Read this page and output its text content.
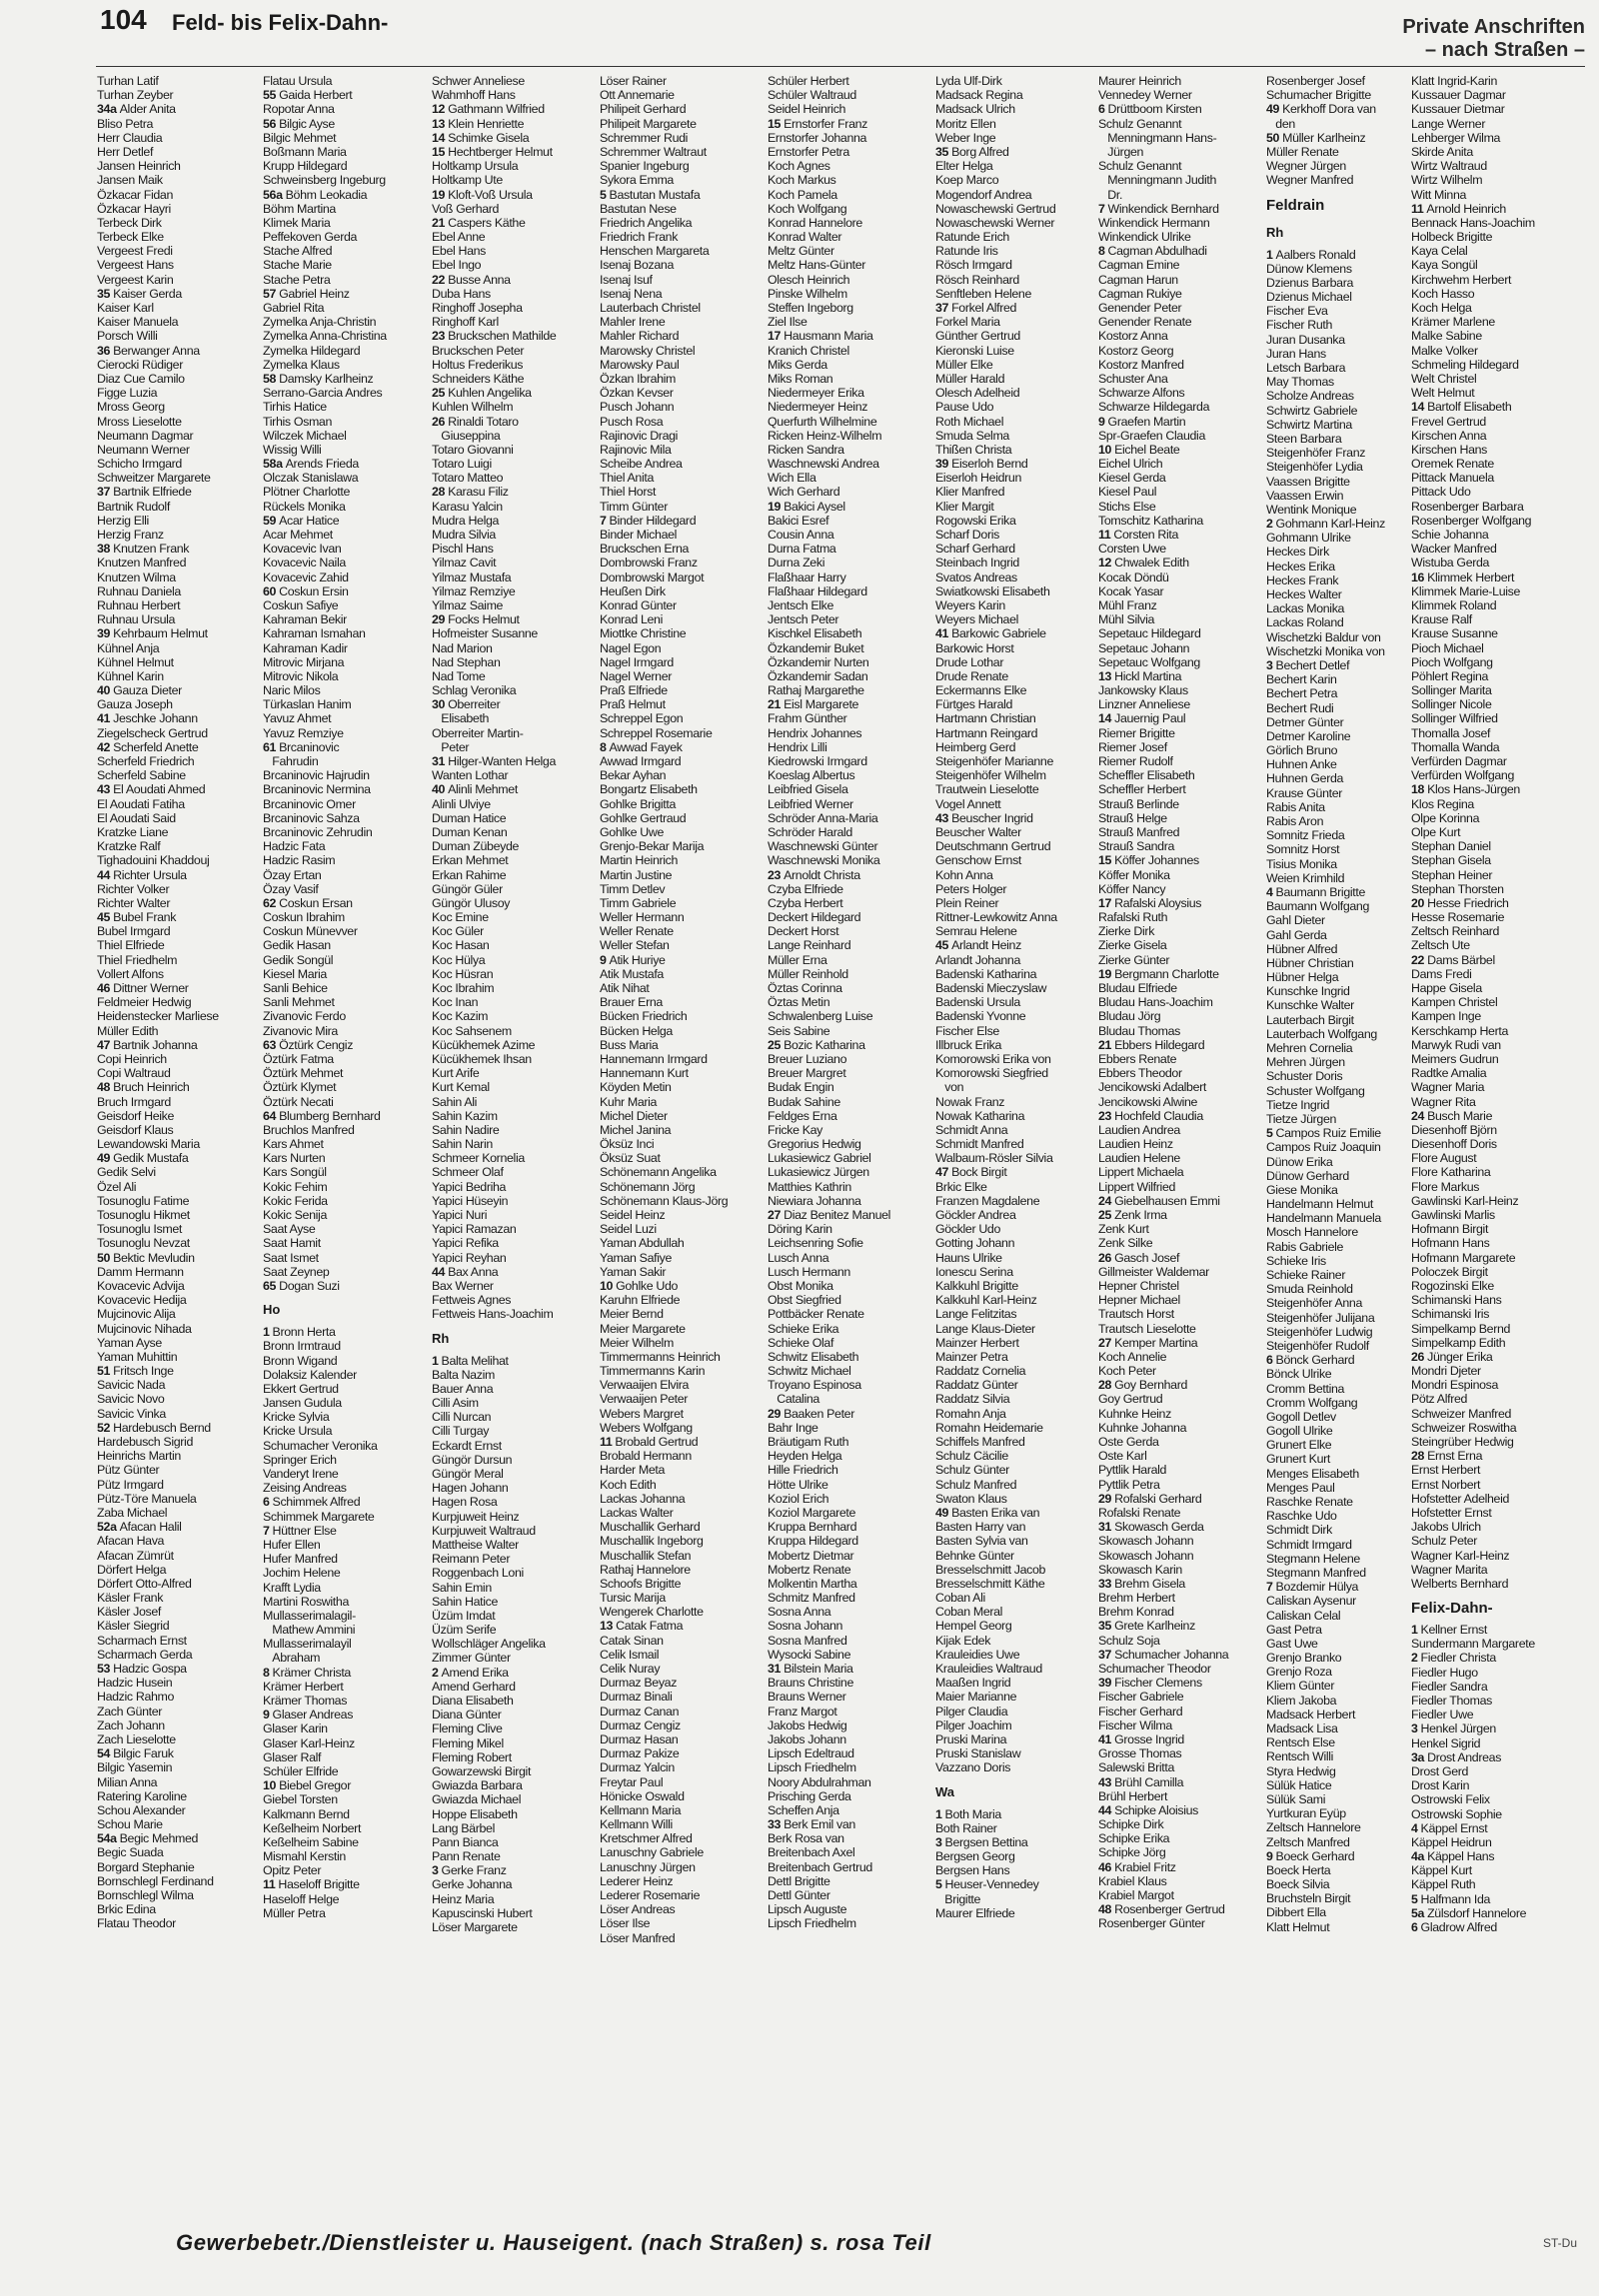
104 Feld- bis Felix-Dahn-	Private Anschriften
– nach Straßen –
Turhan Latif
Turhan Zeyber
34a Alder Anita
Bliso Petra
Herr Claudia
Herr Detlef
Jansen Heinrich
Jansen Maik
Özkacar Fidan
Özkacar Hayri
Terbeck Dirk
Terbeck Elke
Vergeest Fredi
Vergeest Hans
Vergeest Karin
35 Kaiser Gerda
Kaiser Karl
Kaiser Manuela
Porsch Willi
36 Berwanger Anna
Cierocki Rüdiger
Diaz Cue Camilo
Figge Luzia
Mross Georg
Mross Lieselotte
Neumann Dagmar
Neumann Werner
Schicho Irmgard
Schweitzer Margarete
37 Bartnik Elfriede
Bartnik Rudolf
Herzig Elli
Herzig Franz
38 Knutzen Frank
Knutzen Manfred
Knutzen Wilma
Ruhnau Daniela
Ruhnau Herbert
Ruhnau Ursula
39 Kehrbaum Helmut
Kühnel Anja
Kühnel Helmut
Kühnel Karin
40 Gauza Dieter
Gauza Joseph
41 Jeschke Johann
Ziegelscheck Gertrud
42 Scherfeld Anette
Scherfeld Friedrich
Scherfeld Sabine
43 El Aoudati Ahmed
El Aoudati Fatiha
El Aoudati Said
Kratzke Liane
Kratzke Ralf
Tighadouini Khaddouj
44 Richter Ursula
Richter Volker
Richter Walter
45 Bubel Frank
Bubel Irmgard
Thiel Elfriede
Thiel Friedhelm
Vollert Alfons
46 Dittner Werner
Feldmeier Hedwig
Heidenstecker Marliese
Müller Edith
47 Bartnik Johanna
Copi Heinrich
Copi Waltraud
48 Bruch Heinrich
Bruch Irmgard
Geisdorf Heike
Geisdorf Klaus
Lewandowski Maria
49 Gedik Mustafa
Gedik Selvi
Özel Ali
Tosunoglu Fatime
Tosunoglu Hikmet
Tosunoglu Ismet
Tosunoglu Nevzat
50 Bektic Mevludin
Damm Hermann
Kovacevic Advija
Kovacevic Hedija
Mujcinovic Alija
Mujcinovic Nihada
Yaman Ayse
Yaman Muhittin
51 Fritsch Inge
Savicic Nada
Savicic Novo
Savicic Vinka
52 Hardebusch Bernd
Hardebusch Sigrid
Heinrichs Martin
Pütz Günter
Pütz Irmgard
Pütz-Töre Manuela
Zaba Michael
52a Afacan Halil
Afacan Hava
Afacan Zümrüt
Dörfert Helga
Dörfert Otto-Alfred
Käsler Frank
Käsler Josef
Käsler Siegrid
Scharmach Ernst
Scharmach Gerda
53 Hadzic Gospa
Hadzic Husein
Hadzic Rahmo
Zach Günter
Zach Johann
Zach Lieselotte
54 Bilgic Faruk
Bilgic Yasemin
Milian Anna
Ratering Karoline
Schou Alexander
Schou Marie
54a Begic Mehmed
Begic Suada
Borgard Stephanie
Bornschlegl Ferdinand
Bornschlegl Wilma
Brkic Edina
Flatau Theodor
Flatau Ursula
55 Gaida Herbert
Ropotar Anna
56 Bilgic Ayse
Bilgic Mehmet
Boßmann Maria
Krupp Hildegard
Schweinsberg Ingeburg
56a Böhm Leokadia
Böhm Martina
Klimek Maria
Peffekoven Gerda
Stache Alfred
Stache Marie
Stache Petra
57 Gabriel Heinz
Gabriel Rita
Zymelka Anja-Christin
Zymelka Anna-Christina
Zymelka Hildegard
Zymelka Klaus
58 Damsky Karlheinz
Serrano-Garcia Andres
Tirhis Hatice
Tirhis Osman
Wilczek Michael
Wissig Willi
58a Arends Frieda
Olczak Stanislawa
Plötner Charlotte
Rückels Monika
59 Acar Hatice
Acar Mehmet
Kovacevic Ivan
Kovacevic Naila
Kovacevic Zahid
60 Coskun Ersin
Coskun Safiye
Kahraman Bekir
Kahraman Ismahan
Kahraman Kadir
Mitrovic Mirjana
Mitrovic Nikola
Naric Milos
Türkaslan Hanim
Yavuz Ahmet
Yavuz Remziye
61 Brcaninovic
Fahrudin
Brcaninovic Hajrudin
Brcaninovic Nermina
Brcaninovic Omer
Brcaninovic Sahza
Brcaninovic Zehrudin
Hadzic Fata
Hadzic Rasim
Özay Ertan
Özay Vasif
62 Coskun Ersan
Coskun Ibrahim
Coskun Münevver
Gedik Hasan
Gedik Songül
Kiesel Maria
Sanli Behice
Sanli Mehmet
Zivanovic Ferdo
Zivanovic Mira
63 Öztürk Cengiz
Öztürk Fatma
Öztürk Mehmet
Öztürk Klymet
Öztürk Necati
64 Blumberg Bernhard
Bruchlos Manfred
Kars Ahmet
Kars Nurten
Kars Songül
Kokic Fehim
Kokic Ferida
Kokic Senija
Saat Ayse
Saat Hamit
Saat Ismet
Saat Zeynep
65 Dogan Suzi
Ho
1 Bronn Herta
Bronn Irmtraud
Bronn Wigand
Dolaksiz Kalender
Ekkert Gertrud
Jansen Gudula
Kricke Sylvia
Kricke Ursula
Schumacher Veronika
Springer Erich
Vanderyt Irene
Zeising Andreas
6 Schimmek Alfred
Schimmek Margarete
7 Hüttner Else
Hufer Ellen
Hufer Manfred
Jochim Helene
Krafft Lydia
Martini Roswitha
Mullasserimalagil-
Mathew Ammini
Mullasserimalayil
Abraham
8 Krämer Christa
Krämer Herbert
Krämer Thomas
9 Glaser Andreas
Glaser Karin
Glaser Karl-Heinz
Glaser Ralf
Schüler Elfride
10 Biebel Gregor
Giebel Torsten
Kalkmann Bernd
Keßelheim Norbert
Keßelheim Sabine
Mismahl Kerstin
Opitz Peter
11 Haseloff Brigitte
Haseloff Helge
Müller Petra
Schwer Anneliese
Wahmhoff Hans
12 Gathmann Wilfried
13 Klein Henriette
14 Schimke Gisela
15 Hechtberger Helmut
Holtkamp Ursula
Holtkamp Ute
19 Kloft-Voß Ursula
Voß Gerhard
21 Caspers Käthe
Ebel Anne
Ebel Hans
Ebel Ingo
22 Busse Anna
Duba Hans
Ringhoff Josepha
Ringhoff Karl
23 Bruckschen Mathilde
Bruckschen Peter
Holtus Frederikus
Schneiders Käthe
25 Kuhlen Angelika
Kuhlen Wilhelm
26 Rinaldi Totaro
Giuseppina
Totaro Giovanni
Totaro Luigi
Totaro Matteo
28 Karasu Filiz
Karasu Yalcin
Mudra Helga
Mudra Silvia
Pischl Hans
Yilmaz Cavit
Yilmaz Mustafa
Yilmaz Remziye
Yilmaz Saime
29 Focks Helmut
Hofmeister Susanne
Nad Marion
Nad Stephan
Nad Tome
Schlag Veronika
30 Oberreiter
Elisabeth
Oberreiter Martin-
Peter
31 Hilger-Wanten Helga
Wanten Lothar
40 Alinli Mehmet
Alinli Ulviye
Duman Hatice
Duman Kenan
Duman Zübeyde
Erkan Mehmet
Erkan Rahime
Güngör Güler
Güngör Ulusoy
Koc Emine
Koc Güler
Koc Hasan
Koc Hülya
Koc Hüsran
Koc Ibrahim
Koc Inan
Koc Kazim
Koc Sahsenem
Kücükhemek Azime
Kücükhemek Ihsan
Kurt Arife
Kurt Kemal
Sahin Ali
Sahin Kazim
Sahin Nadire
Sahin Narin
Schmeer Kornelia
Schmeer Olaf
Yapici Bedriha
Yapici Hüseyin
Yapici Nuri
Yapici Ramazan
Yapici Refika
Yapici Reyhan
44 Bax Anna
Bax Werner
Fettweis Agnes
Fettweis Hans-Joachim
Rh
1 Balta Melihat
Balta Nazim
Bauer Anna
Cilli Asim
Cilli Nurcan
Cilli Turgay
Eckardt Ernst
Güngör Dursun
Güngör Meral
Hagen Johann
Hagen Rosa
Kurpjuweit Heinz
Kurpjuweit Waltraud
Mattheise Walter
Reimann Peter
Roggenbach Loni
Sahin Emin
Sahin Hatice
Üzüm Imdat
Üzüm Serife
Wollschläger Angelika
Zimmer Günter
2 Amend Erika
Amend Gerhard
Diana Elisabeth
Diana Günter
Fleming Clive
Fleming Mikel
Fleming Robert
Gowarzewski Birgit
Gwiazda Barbara
Gwiazda Michael
Hoppe Elisabeth
Lang Bärbel
Pann Bianca
Pann Renate
3 Gerke Franz
Gerke Johanna
Heinz Maria
Kapuscinski Hubert
Löser Margarete
Löser Rainer
Ott Annemarie
Philipeit Gerhard
Philipeit Margarete
Schremmer Rudi
Schremmer Waltraut
Spanier Ingeburg
Sykora Emma
5 Bastutan Mustafa
Bastutan Nese
Friedrich Angelika
Friedrich Frank
Henschen Margareta
Isenaj Bozana
Isenaj Isuf
Isenaj Nena
Lauterbach Christel
Mahler Irene
Mahler Richard
Marowsky Christel
Marowsky Paul
Özkan Ibrahim
Özkan Kevser
Pusch Johann
Pusch Rosa
Rajinovic Dragi
Rajinovic Mila
Scheibe Andrea
Thiel Anita
Thiel Horst
Timm Günter
7 Binder Hildegard
Binder Michael
Bruckschen Erna
Dombrowski Franz
Dombrowski Margot
Heußen Dirk
Konrad Günter
Konrad Leni
Miottke Christine
Nagel Egon
Nagel Irmgard
Nagel Werner
Praß Elfriede
Praß Helmut
Schreppel Egon
Schreppel Rosemarie
8 Awwad Fayek
Awwad Irmgard
Bekar Ayhan
Bongartz Elisabeth
Gohlke Brigitta
Gohlke Gertraud
Gohlke Uwe
Grenjo-Bekar Marija
Martin Heinrich
Martin Justine
Timm Detlev
Timm Gabriele
Weller Hermann
Weller Renate
Weller Stefan
9 Atik Huriye
Atik Mustafa
Atik Nihat
Brauer Erna
Bücken Friedrich
Bücken Helga
Buss Maria
Hannemann Irmgard
Hannemann Kurt
Köyden Metin
Kuhr Maria
Michel Dieter
Michel Janina
Öksüz Inci
Öksüz Suat
Schönemann Angelika
Schönemann Jörg
Schönemann Klaus-Jörg
Seidel Heinz
Seidel Luzi
Yaman Abdullah
Yaman Safiye
Yaman Sakir
10 Gohlke Udo
Karuhn Elfriede
Meier Bernd
Meier Margarete
Meier Wilhelm
Timmermanns Heinrich
Timmermanns Karin
Verwaaijen Elvira
Verwaaijen Peter
Webers Margret
Webers Wolfgang
11 Brobald Gertrud
Brobald Hermann
Harder Meta
Koch Edith
Lackas Johanna
Lackas Walter
Muschallik Gerhard
Muschallik Ingeborg
Muschallik Stefan
Rathaj Hannelore
Schoofs Brigitte
Tursic Marija
Wengerek Charlotte
13 Catak Fatma
Catak Sinan
Celik Ismail
Celik Nuray
Durmaz Beyaz
Durmaz Binali
Durmaz Canan
Durmaz Cengiz
Durmaz Hasan
Durmaz Pakize
Durmaz Yalcin
Freytar Paul
Hönicke Oswald
Kellmann Maria
Kellmann Willi
Kretschmer Alfred
Lanuschny Gabriele
Lanuschny Jürgen
Lederer Heinz
Lederer Rosemarie
Löser Andreas
Löser Ilse
Löser Manfred
Schüler Herbert
Schüler Waltraud
Seidel Heinrich
15 Ernstorfer Franz
Ernstorfer Johanna
Ernstorfer Petra
Koch Agnes
Koch Markus
Koch Pamela
Koch Wolfgang
Konrad Hannelore
Konrad Walter
Meltz Günter
Meltz Hans-Günter
Olesch Heinrich
Pinske Wilhelm
Steffen Ingeborg
Ziel Ilse
17 Hausmann Maria
Kranich Christel
Miks Gerda
Miks Roman
Niedermeyer Erika
Niedermeyer Heinz
Querfurth Wilhelmine
Ricken Heinz-Wilhelm
Ricken Sandra
Waschnewski Andrea
Wich Ella
Wich Gerhard
19 Bakici Aysel
Bakici Esref
Cousin Anna
Durna Fatma
Durna Zeki
Flaßhaar Harry
Flaßhaar Hildegard
Jentsch Elke
Jentsch Peter
Kischkel Elisabeth
Özkandemir Buket
Özkandemir Nurten
Özkandemir Sadan
Rathaj Margarethe
21 Eisl Margarete
Frahm Günther
Hendrix Johannes
Hendrix Lilli
Kiedrowski Irmgard
Koeslag Albertus
Leibfried Gisela
Leibfried Werner
Schröder Anna-Maria
Schröder Harald
Waschnewski Günter
Waschnewski Monika
23 Arnoldt Christa
Czyba Elfriede
Czyba Herbert
Deckert Hildegard
Deckert Horst
Lange Reinhard
Müller Erna
Müller Reinhold
Öztas Corinna
Öztas Metin
Schwalenberg Luise
Seis Sabine
25 Bozic Katharina
Breuer Luziano
Breuer Margret
Budak Engin
Budak Sahine
Feldges Erna
Fricke Kay
Gregorius Hedwig
Lukasiewicz Gabriel
Lukasiewicz Jürgen
Matthies Kathrin
Niewiara Johanna
27 Diaz Benitez Manuel
Döring Karin
Leichsenring Sofie
Lusch Anna
Lusch Hermann
Obst Monika
Obst Siegfried
Pottbäcker Renate
Schieke Erika
Schieke Olaf
Schwitz Elisabeth
Schwitz Michael
Troyano Espinosa
Catalina
29 Baaken Peter
Bahr Inge
Bräutigam Ruth
Heyden Helga
Hille Friedrich
Hötte Ulrike
Koziol Erich
Koziol Margarete
Kruppa Bernhard
Kruppa Hildegard
Mobertz Dietmar
Mobertz Renate
Molkentin Martha
Schmitz Manfred
Sosna Anna
Sosna Johann
Sosna Manfred
Wysocki Sabine
31 Bilstein Maria
Brauns Christine
Brauns Werner
Franz Margot
Jakobs Hedwig
Jakobs Johann
Lipsch Edeltraud
Lipsch Friedhelm
Noory Abdulrahman
Prisching Gerda
Scheffen Anja
33 Berk Emil van
Berk Rosa van
Breitenbach Axel
Breitenbach Gertrud
Dettl Brigitte
Dettl Günter
Lipsch Auguste
Lipsch Friedhelm
Lyda Ulf-Dirk
Madsack Regina
Madsack Ulrich
Moritz Ellen
Weber Inge
35 Borg Alfred
Elter Helga
Koep Marco
Mogendorf Andrea
Nowaschewski Gertrud
Nowaschewski Werner
Ratunde Erich
Ratunde Iris
Rösch Irmgard
Rösch Reinhard
Senftleben Helene
37 Forkel Alfred
Forkel Maria
Günther Gertrud
Kieronski Luise
Müller Elke
Müller Harald
Olesch Adelheid
Pause Udo
Roth Michael
Smuda Selma
Thißen Christa
39 Eiserloh Bernd
Eiserloh Heidrun
Klier Manfred
Klier Margit
Rogowski Erika
Scharf Doris
Scharf Gerhard
Steinbach Ingrid
Svatos Andreas
Swiatkowski Elisabeth
Weyers Karin
Weyers Michael
41 Barkowic Gabriele
Barkowic Horst
Drude Lothar
Drude Renate
Eckermanns Elke
Fürtges Harald
Hartmann Christian
Hartmann Reingard
Heimberg Gerd
Steigenhöfer Marianne
Steigenhöfer Wilhelm
Trautwein Lieselotte
Vogel Annett
43 Beuscher Ingrid
Beuscher Walter
Deutschmann Gertrud
Genschow Ernst
Kohn Anna
Peters Holger
Plein Reiner
Rittner-Lewkowitz Anna
Semrau Helene
45 Arlandt Heinz
Arlandt Johanna
Badenski Katharina
Badenski Mieczyslaw
Badenski Ursula
Badenski Yvonne
Fischer Else
Illbruck Erika
Komorowski Erika von
Komorowski Siegfried
von
Nowak Franz
Nowak Katharina
Schmidt Anna
Schmidt Manfred
Walbaum-Rösler Silvia
47 Bock Birgit
Brkic Elke
Franzen Magdalene
Göckler Andrea
Göckler Udo
Gotting Johann
Hauns Ulrike
Ionescu Serina
Kalkkuhl Brigitte
Kalkkuhl Karl-Heinz
Lange Felitzitas
Lange Klaus-Dieter
Mainzer Herbert
Mainzer Petra
Raddatz Cornelia
Raddatz Günter
Raddatz Silvia
Romahn Anja
Romahn Heidemarie
Schiffels Manfred
Schulz Cäcilie
Schulz Günter
Schulz Manfred
Swaton Klaus
49 Basten Erika van
Basten Harry van
Basten Sylvia van
Behnke Günter
Bresselschmitt Jacob
Bresselschmitt Käthe
Coban Ali
Coban Meral
Hempel Georg
Kijak Edek
Krauleidies Uwe
Krauleidies Waltraud
Maaßen Ingrid
Maier Marianne
Pilger Claudia
Pilger Joachim
Pruski Marina
Pruski Stanislaw
Vazzano Doris
Wa
1 Both Maria
Both Rainer
3 Bergsen Bettina
Bergsen Georg
Bergsen Hans
5 Heuser-Vennedey
Brigitte
Maurer Elfriede
Maurer Heinrich
Vennedey Werner
6 Drüttboom Kirsten
Schulz Genannt
Menningmann Hans-
Jürgen
Schulz Genannt
Menningmann Judith
Dr.
7 Winkendick Bernhard
Winkendick Hermann
Winkendick Ulrike
8 Cagman Abdulhadi
Cagman Emine
Cagman Harun
Cagman Rukiye
Genender Peter
Genender Renate
Kostorz Anna
Kostorz Georg
Kostorz Manfred
Schuster Ana
Schwarze Alfons
Schwarze Hildegarda
9 Graefen Martin
Spr-Graefen Claudia
10 Eichel Beate
Eichel Ulrich
Kiesel Gerda
Kiesel Paul
Stichs Else
Tomschitz Katharina
11 Corsten Rita
Corsten Uwe
12 Chwalek Edith
Kocak Döndü
Kocak Yasar
Mühl Franz
Mühl Silvia
Sepetauc Hildegard
Sepetauc Johann
Sepetauc Wolfgang
13 Hickl Martina
Jankowsky Klaus
Linzner Anneliese
14 Jauernig Paul
Riemer Brigitte
Riemer Josef
Riemer Rudolf
Scheffler Elisabeth
Scheffler Herbert
Strauß Berlinde
Strauß Helge
Strauß Manfred
Strauß Sandra
15 Köffer Johannes
Köffer Monika
Köffer Nancy
17 Rafalski Aloysius
Rafalski Ruth
Zierke Dirk
Zierke Gisela
Zierke Günter
19 Bergmann Charlotte
Bludau Elfriede
Bludau Hans-Joachim
Bludau Jörg
Bludau Thomas
21 Ebbers Hildegard
Ebbers Renate
Ebbers Theodor
Jencikowski Adalbert
Jencikowski Alwine
23 Hochfeld Claudia
Laudien Andrea
Laudien Heinz
Laudien Helene
Lippert Michaela
Lippert Wilfried
24 Giebelhausen Emmi
25 Zenk Irma
Zenk Kurt
Zenk Silke
26 Gasch Josef
Gillmeister Waldemar
Hepner Christel
Hepner Michael
Trautsch Horst
Trautsch Lieselotte
27 Kemper Martina
Koch Annelie
Koch Peter
28 Goy Bernhard
Goy Gertrud
Kuhnke Heinz
Kuhnke Johanna
Oste Gerda
Oste Karl
Pyttlik Harald
Pyttlik Petra
29 Rofalski Gerhard
Rofalski Renate
31 Skowasch Gerda
Skowasch Johann
Skowasch Johann
Skowasch Karin
33 Brehm Gisela
Brehm Herbert
Brehm Konrad
35 Grete Karlheinz
Schulz Soja
37 Schumacher Johanna
Schumacher Theodor
39 Fischer Clemens
Fischer Gabriele
Fischer Gerhard
Fischer Wilma
41 Grosse Ingrid
Grosse Thomas
Salewski Britta
43 Brühl Camilla
Brühl Herbert
44 Schipke Aloisius
Schipke Dirk
Schipke Erika
Schipke Jörg
46 Krabiel Fritz
Krabiel Klaus
Krabiel Margot
48 Rosenberger Gertrud
Rosenberger Günter
Rosenberger Josef
Schumacher Brigitte
49 Kerkhoff Dora van
den
50 Müller Karlheinz
Müller Renate
Wegner Jürgen
Wegner Manfred
Feldrain
Rh
1 Aalbers Ronald
Dünow Klemens
Dzienus Barbara
Dzienus Michael
Fischer Eva
Fischer Ruth
Juran Dusanka
Juran Hans
Letsch Barbara
May Thomas
Scholze Andreas
Schwirtz Gabriele
Schwirtz Martina
Steen Barbara
Steigenhöfer Franz
Steigenhöfer Lydia
Vaassen Brigitte
Vaassen Erwin
Wentink Monique
2 Gohmann Karl-Heinz
Gohmann Ulrike
Heckes Dirk
Heckes Erika
Heckes Frank
Heckes Walter
Lackas Monika
Lackas Roland
Wischetzki Baldur von
Wischetzki Monika von
3 Bechert Detlef
Bechert Karin
Bechert Petra
Bechert Rudi
Detmer Günter
Detmer Karoline
Görlich Bruno
Huhnen Anke
Huhnen Gerda
Krause Günter
Rabis Anita
Rabis Aron
Somnitz Frieda
Somnitz Horst
Tisius Monika
Weien Krimhild
4 Baumann Brigitte
Baumann Wolfgang
Gahl Dieter
Gahl Gerda
Hübner Alfred
Hübner Christian
Hübner Helga
Kunschke Ingrid
Kunschke Walter
Lauterbach Birgit
Lauterbach Wolfgang
Mehren Cornelia
Mehren Jürgen
Schuster Doris
Schuster Wolfgang
Tietze Ingrid
Tietze Jürgen
5 Campos Ruiz Emilie
Campos Ruiz Joaquin
Dünow Erika
Dünow Gerhard
Giese Monika
Handelmann Helmut
Handelmann Manuela
Mosch Hannelore
Rabis Gabriele
Schieke Iris
Schieke Rainer
Smuda Reinhold
Steigenhöfer Anna
Steigenhöfer Julijana
Steigenhöfer Ludwig
Steigenhöfer Rudolf
6 Bönck Gerhard
Bönck Ulrike
Cromm Bettina
Cromm Wolfgang
Gogoll Detlev
Gogoll Ulrike
Grunert Elke
Grunert Kurt
Menges Elisabeth
Menges Paul
Raschke Renate
Raschke Udo
Schmidt Dirk
Schmidt Irmgard
Stegmann Helene
Stegmann Manfred
7 Bozdemir Hülya
Caliskan Aysenur
Caliskan Celal
Gast Petra
Gast Uwe
Grenjo Branko
Grenjo Roza
Kliem Günter
Kliem Jakoba
Madsack Herbert
Madsack Lisa
Rentsch Else
Rentsch Willi
Styra Hedwig
Sülük Hatice
Sülük Sami
Yurtkuran Eyüp
Zeltsch Hannelore
Zeltsch Manfred
9 Boeck Gerhard
Boeck Herta
Boeck Silvia
Bruchsteln Birgit
Dibbert Ella
Klatt Helmut
Klatt Ingrid-Karin
Kussauer Dagmar
Kussauer Dietmar
Lange Werner
Lehberger Wilma
Skirde Anita
Wirtz Waltraud
Wirtz Wilhelm
Witt Minna
11 Arnold Heinrich
Bennack Hans-Joachim
Holbeck Brigitte
Kaya Celal
Kaya Songül
Kirchwehm Herbert
Koch Hasso
Koch Helga
Krämer Marlene
Malke Sabine
Malke Volker
Schmeling Hildegard
Welt Christel
Welt Helmut
14 Bartolf Elisabeth
Frevel Gertrud
Kirschen Anna
Kirschen Hans
Oremek Renate
Pittack Manuela
Pittack Udo
Rosenberger Barbara
Rosenberger Wolfgang
Schie Johanna
Wacker Manfred
Wistuba Gerda
16 Klimmek Herbert
Klimmek Marie-Luise
Klimmek Roland
Krause Ralf
Krause Susanne
Pioch Michael
Pioch Wolfgang
Pöhlert Regina
Sollinger Marita
Sollinger Nicole
Sollinger Wilfried
Thomalla Josef
Thomalla Wanda
Verfürden Dagmar
Verfürden Wolfgang
18 Klos Hans-Jürgen
Klos Regina
Olpe Korinna
Olpe Kurt
Stephan Daniel
Stephan Gisela
Stephan Heiner
Stephan Thorsten
20 Hesse Friedrich
Hesse Rosemarie
Zeltsch Reinhard
Zeltsch Ute
22 Dams Bärbel
Dams Fredi
Happe Gisela
Kampen Christel
Kampen Inge
Kerschkamp Herta
Marwyk Rudi van
Meimers Gudrun
Radtke Amalia
Wagner Maria
Wagner Rita
24 Busch Marie
Diesenhoff Björn
Diesenhoff Doris
Flore August
Flore Katharina
Flore Markus
Gawlinski Karl-Heinz
Gawlinski Marlis
Hofmann Birgit
Hofmann Hans
Hofmann Margarete
Poloczek Birgit
Rogozinski Elke
Schimanski Hans
Schimanski Iris
Simpelkamp Bernd
Simpelkamp Edith
26 Jünger Erika
Mondri Djeter
Mondri Espinosa
Pötz Alfred
Schweizer Manfred
Schweizer Roswitha
Steingrüber Hedwig
28 Ernst Erna
Ernst Herbert
Ernst Norbert
Hofstetter Adelheid
Hofstetter Ernst
Jakobs Ulrich
Schulz Peter
Wagner Karl-Heinz
Wagner Marita
Welberts Bernhard
Felix-Dahn-
1 Kellner Ernst
Sundermann Margarete
2 Fiedler Christa
Fiedler Hugo
Fiedler Sandra
Fiedler Thomas
Fiedler Uwe
3 Henkel Jürgen
Henkel Sigrid
3a Drost Andreas
Drost Gerd
Drost Karin
Ostrowski Felix
Ostrowski Sophie
4 Käppel Ernst
Käppel Heidrun
4a Käppel Hans
Käppel Kurt
Käppel Ruth
5 Halfmann Ida
5a Zülsdorf Hannelore
6 Gladrow Alfred
Gewerbebetr./Dienstleister u. Hauseigent. (nach Straßen) s. rosa Teil	ST-Du
